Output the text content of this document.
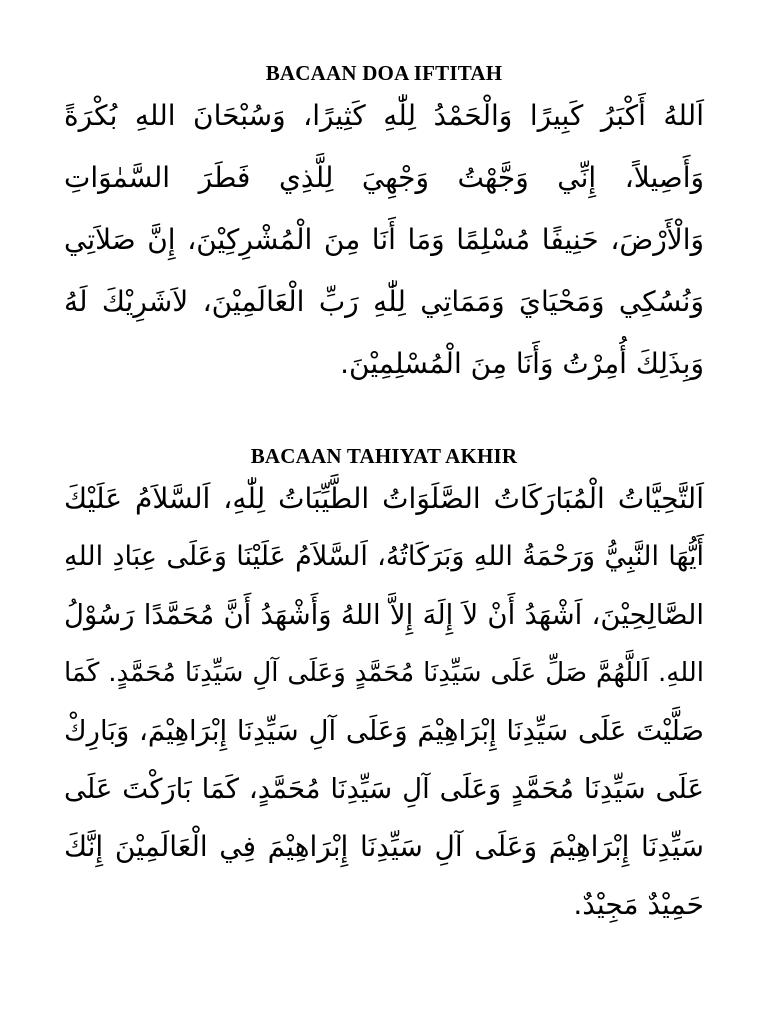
BACAAN DOA IFTITAH
اَللهُ أَكْبَرُ كَبِيرًا وَالْحَمْدُ لِلّٰهِ كَثِيرًا، وَسُبْحَانَ اللهِ بُكْرَةً
وَأَصِيلاً، إِنِّي وَجَّهْتُ وَجْهِيَ لِلَّذِي فَطَرَ السَّمٰوَاتِ
وَالْأَرْضَ، حَنِيفًا مُسْلِمًا وَمَا أَنَا مِنَ الْمُشْرِكِيْنَ، إِنَّ صَلاَتِي
وَنُسُكِي وَمَحْيَايَ وَمَمَاتِي لِلّٰهِ رَبِّ الْعَالَمِيْنَ، لاَشَرِيْكَ لَهُ
وَبِذَلِكَ أُمِرْتُ وَأَنَا مِنَ الْمُسْلِمِيْنَ.
BACAAN TAHIYAT AKHIR
اَلتَّحِيَّاتُ الْمُبَارَكَاتُ الصَّلَوَاتُ الطَّيِّبَاتُ لِلّٰهِ، اَلسَّلاَمُ عَلَيْكَ
أَيُّهَا النَّبِيُّ وَرَحْمَةُ اللهِ وَبَرَكَاتُهُ، اَلسَّلاَمُ عَلَيْنَا وَعَلَى عِبَادِ اللهِ
الصَّالِحِيْنَ، اَشْهَدُ أَنْ لاَ إِلَهَ إِلاَّ اللهُ وَأَشْهَدُ أَنَّ مُحَمَّدًا رَسُوْلُ
اللهِ. اَللَّهُمَّ صَلِّ عَلَى سَيِّدِنَا مُحَمَّدٍ وَعَلَى آلِ سَيِّدِنَا مُحَمَّدٍ. كَمَا
صَلَّيْتَ عَلَى سَيِّدِنَا إِبْرَاهِيْمَ وَعَلَى آلِ سَيِّدِنَا إِبْرَاهِيْمَ، وَبَارِكْ
عَلَى سَيِّدِنَا مُحَمَّدٍ وَعَلَى آلِ سَيِّدِنَا مُحَمَّدٍ، كَمَا بَارَكْتَ عَلَى
سَيِّدِنَا إِبْرَاهِيْمَ وَعَلَى آلِ سَيِّدِنَا إِبْرَاهِيْمَ فِي الْعَالَمِيْنَ إِنَّكَ
حَمِيْدٌ مَجِيْدٌ.
